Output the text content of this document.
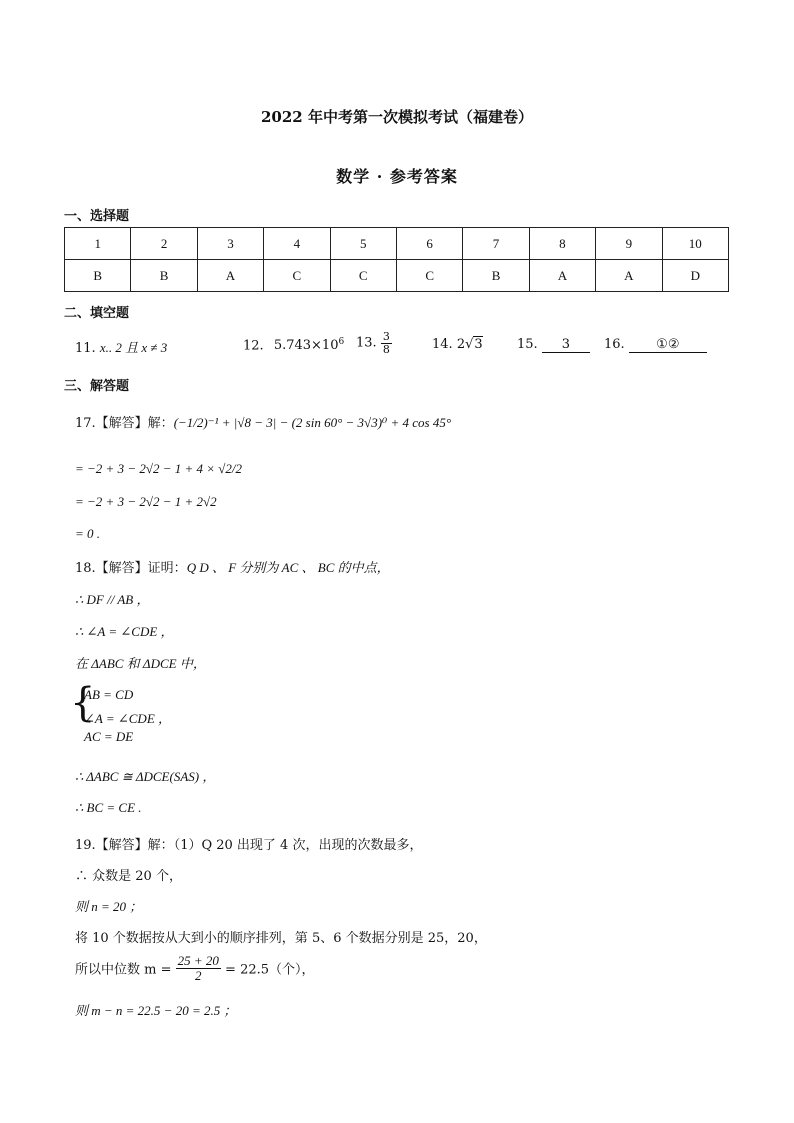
2022 年中考第一次模拟考试（福建卷）
数学 · 参考答案
一、选择题
1	2	3	4	5	6	7	8	9	10
B	B	A	C	C	C	B	A	A	D
二、填空题
11. x.. 2 且 x ≠ 3	12. $5.743\times 10^6$ 13. $\frac{3}{8}$	14. 2√3	15. 3	16. ①②
三、解答题
17.【解答】解：(−1/2)⁻¹ + |√8 − 3| − (2 sin 60° − 3√3)⁰ + 4 cos 45°
= −2 + 3 − 2√2 − 1 + 4 × √2/2
= −2 + 3 − 2√2 − 1 + 2√2
= 0 .
18.【解答】证明：Q D 、 F 分别为 AC 、 BC 的中点，
∴ DF // AB ，
∴ ∠A = ∠CDE ，
在 ΔABC 和 ΔDCE 中，
{
AB = CD
∠A = ∠CDE ，
AC = DE
∴ ΔABC ≅ ΔDCE(SAS) ，
∴ BC = CE .
19.【解答】解：（1）Q 20 出现了 4 次，出现的次数最多，
∴ 众数是 20 个，
则 n = 20 ；
将 10 个数据按从大到小的顺序排列，第 5、6 个数据分别是 25，20，
所以中位数 $m = \frac{25 + 20}{2} = 22.5$（个），
则 m − n = 22.5 − 20 = 2.5 ；
